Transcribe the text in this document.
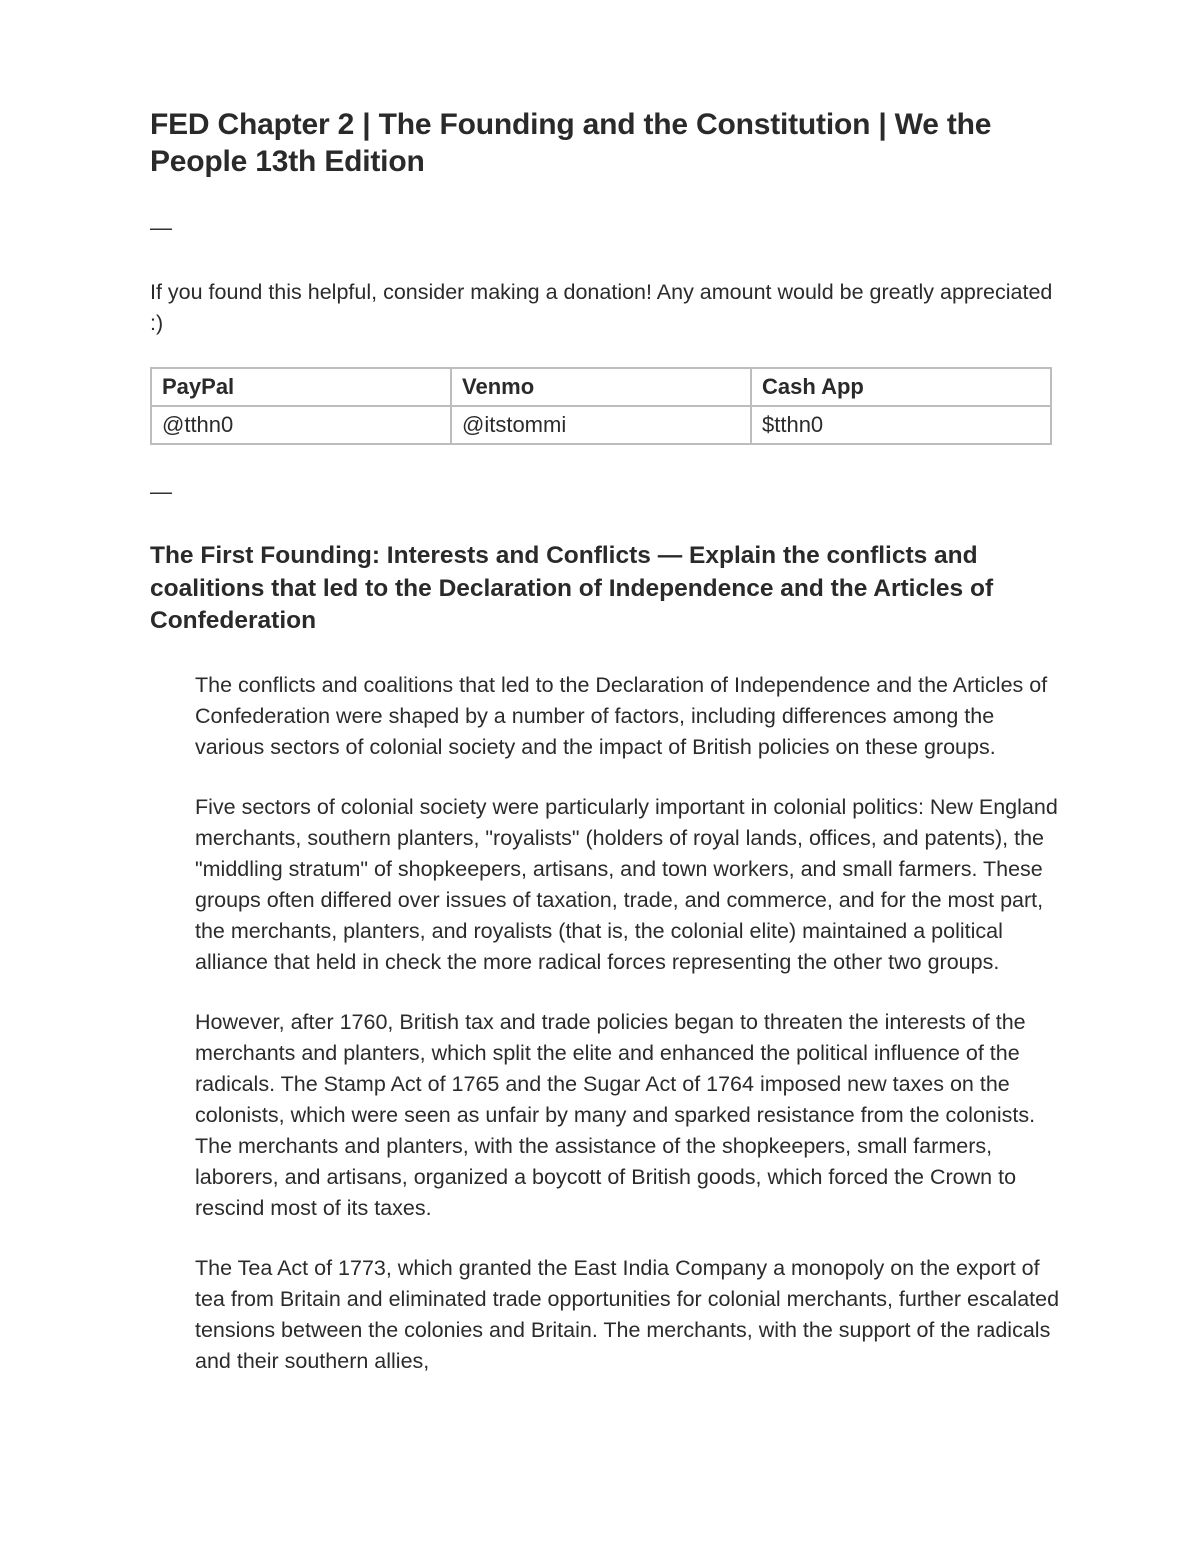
FED Chapter 2 | The Founding and the Constitution | We the People 13th Edition
—

If you found this helpful, consider making a donation! Any amount would be greatly appreciated :)

PayPal	Venmo	Cash App
@tthn0	@itstommi	$tthn0
—
The First Founding: Interests and Conflicts — Explain the conflicts and coalitions that led to the Declaration of Independence and the Articles of Confederation

The conflicts and coalitions that led to the Declaration of Independence and the Articles of Confederation were shaped by a number of factors, including differences among the various sectors of colonial society and the impact of British policies on these groups.

Five sectors of colonial society were particularly important in colonial politics: New England merchants, southern planters, "royalists" (holders of royal lands, offices, and patents), the "middling stratum" of shopkeepers, artisans, and town workers, and small farmers. These groups often differed over issues of taxation, trade, and commerce, and for the most part, the merchants, planters, and royalists (that is, the colonial elite) maintained a political alliance that held in check the more radical forces representing the other two groups.

However, after 1760, British tax and trade policies began to threaten the interests of the merchants and planters, which split the elite and enhanced the political influence of the radicals. The Stamp Act of 1765 and the Sugar Act of 1764 imposed new taxes on the colonists, which were seen as unfair by many and sparked resistance from the colonists. The merchants and planters, with the assistance of the shopkeepers, small farmers, laborers, and artisans, organized a boycott of British goods, which forced the Crown to rescind most of its taxes.

The Tea Act of 1773, which granted the East India Company a monopoly on the export of tea from Britain and eliminated trade opportunities for colonial merchants, further escalated tensions between the colonies and Britain. The merchants, with the support of the radicals and their southern allies,
